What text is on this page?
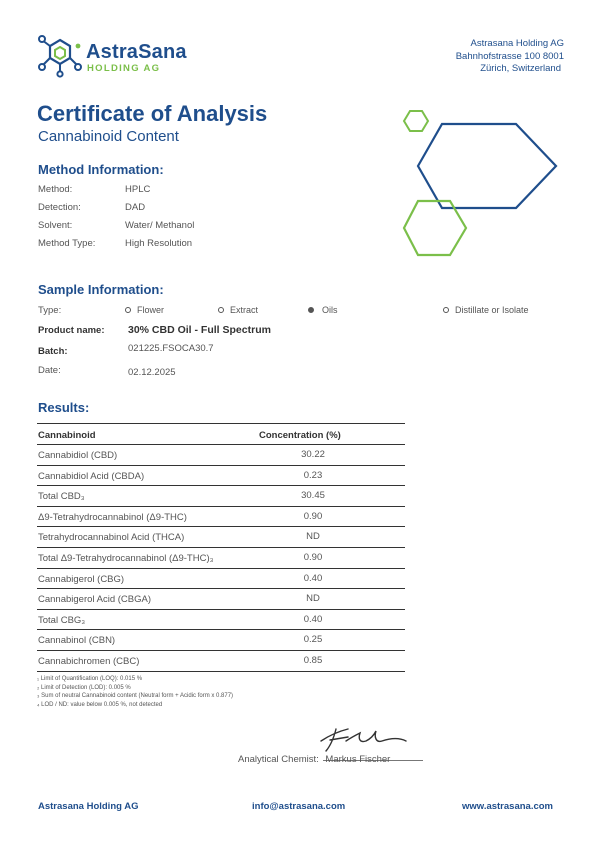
AstraSana
HOLDING AG
Astrasana Holding AG
Bahnhofstrasse 100 8001
Zürich, Switzerland
Certificate of Analysis
Cannabinoid Content
Method Information:
Method:	HPLC
Detection:	DAD
Solvent:	Water/ Methanol
Method Type:	High Resolution
Sample Information:
Type:	Flower	Extract	Oils	Distillate or Isolate
Product name: 30% CBD Oil - Full Spectrum
Batch:	021225.FSOCA30.7
Date:	02.12.2025
Results:
Cannabinoid	Concentration (%)
Cannabidiol (CBD)	30.22
Cannabidiol Acid (CBDA)	0.23
Total CBD₃	30.45
Δ9-Tetrahydrocannabinol (Δ9-THC)	0.90
Tetrahydrocannabinol Acid (THCA)	ND
Total Δ9-Tetrahydrocannabinol (Δ9-THC)₃	0.90
Cannabigerol (CBG)	0.40
Cannabigerol Acid (CBGA)	ND
Total CBG₃	0.40
Cannabinol (CBN)	0.25
Cannabichromen (CBC)	0.85
₁ Limit of Quantification (LOQ): 0.015 %
₂ Limit of Detection (LOD): 0.005 %
₃ Sum of neutral Cannabinoid content (Neutral form + Acidic form x 0.877)
₄ LOD / ND: value below 0.005 %, not detected
Analytical Chemist: Markus Fischer
Astrasana Holding AG	info@astrasana.com	www.astrasana.com
